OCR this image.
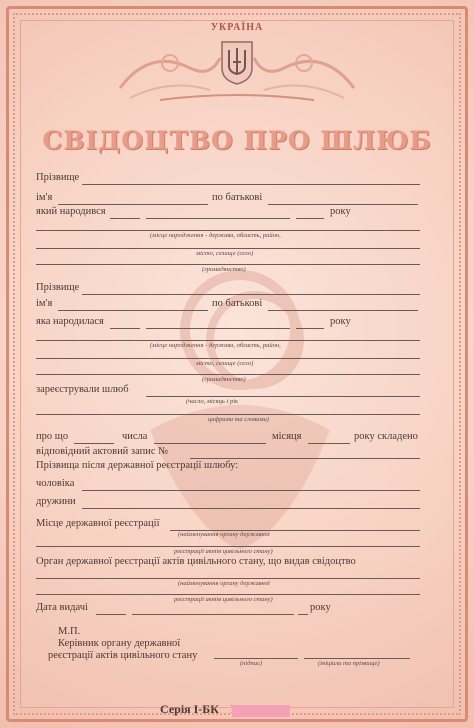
УКРАЇНА
СВІДОЦТВО ПРО ШЛЮБ
Прізвище
ім'я	по батькові
який народився	року
(місце народження - держава, область, район,
місто, селище (село)
(громадянство)
Прізвище
ім'я	по батькові
яка народилася	року
(місце народження - держава, область, район,
місто, селище (село)
(громадянство)
зареєстрували шлюб
(число, місяць і рік
цифрами та словами)
про що	числа	місяця	року складено
відповідний актовий запис №
Прізвища після державної реєстрації шлюбу:
чоловіка
дружини
Місце державної реєстрації
(найменування органу державної
реєстрації актів цивільного стану)
Орган державної реєстрації актів цивільного стану, що видав свідоцтво
(найменування органу державної
реєстрації актів цивільного стану)
Дата видачі	року
М.П.
Керівник органу державної
реєстрації актів цивільного стану
(підпис)	(ініціали та прізвище)
Серія І-БК
